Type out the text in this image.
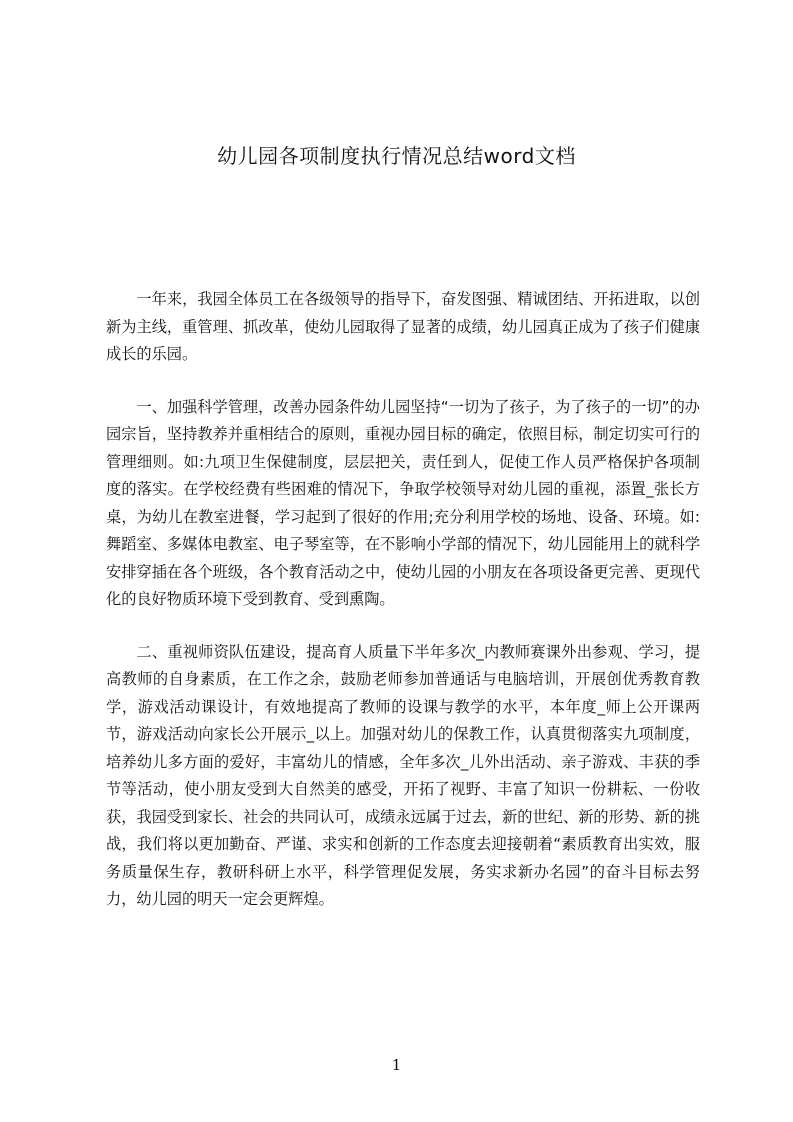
幼儿园各项制度执行情况总结word文档

一年来，我园全体员工在各级领导的指导下，奋发图强、精诚团结、开拓进取，以创新为主线，重管理、抓改革，使幼儿园取得了显著的成绩，幼儿园真正成为了孩子们健康成长的乐园。

一、加强科学管理，改善办园条件幼儿园坚持“一切为了孩子，为了孩子的一切”的办园宗旨，坚持教养并重相结合的原则，重视办园目标的确定，依照目标，制定切实可行的管理细则。如:九项卫生保健制度，层层把关，责任到人，促使工作人员严格保护各项制度的落实。在学校经费有些困难的情况下，争取学校领导对幼儿园的重视，添置_张长方桌，为幼儿在教室进餐，学习起到了很好的作用;充分利用学校的场地、设备、环境。如:舞蹈室、多媒体电教室、电子琴室等，在不影响小学部的情况下，幼儿园能用上的就科学安排穿插在各个班级，各个教育活动之中，使幼儿园的小朋友在各项设备更完善、更现代化的良好物质环境下受到教育、受到熏陶。

二、重视师资队伍建设，提高育人质量下半年多次_内教师赛课外出参观、学习，提高教师的自身素质，在工作之余，鼓励老师参加普通话与电脑培训，开展创优秀教育教学，游戏活动课设计，有效地提高了教师的设课与教学的水平，本年度_师上公开课两节，游戏活动向家长公开展示_以上。加强对幼儿的保教工作，认真贯彻落实九项制度，培养幼儿多方面的爱好，丰富幼儿的情感，全年多次_儿外出活动、亲子游戏、丰获的季节等活动，使小朋友受到大自然美的感受，开拓了视野、丰富了知识一份耕耘、一份收获，我园受到家长、社会的共同认可，成绩永远属于过去，新的世纪、新的形势、新的挑战，我们将以更加勤奋、严谨、求实和创新的工作态度去迎接朝着“素质教育出实效，服务质量保生存，教研科研上水平，科学管理促发展，务实求新办名园”的奋斗目标去努力，幼儿园的明天一定会更辉煌。

1
